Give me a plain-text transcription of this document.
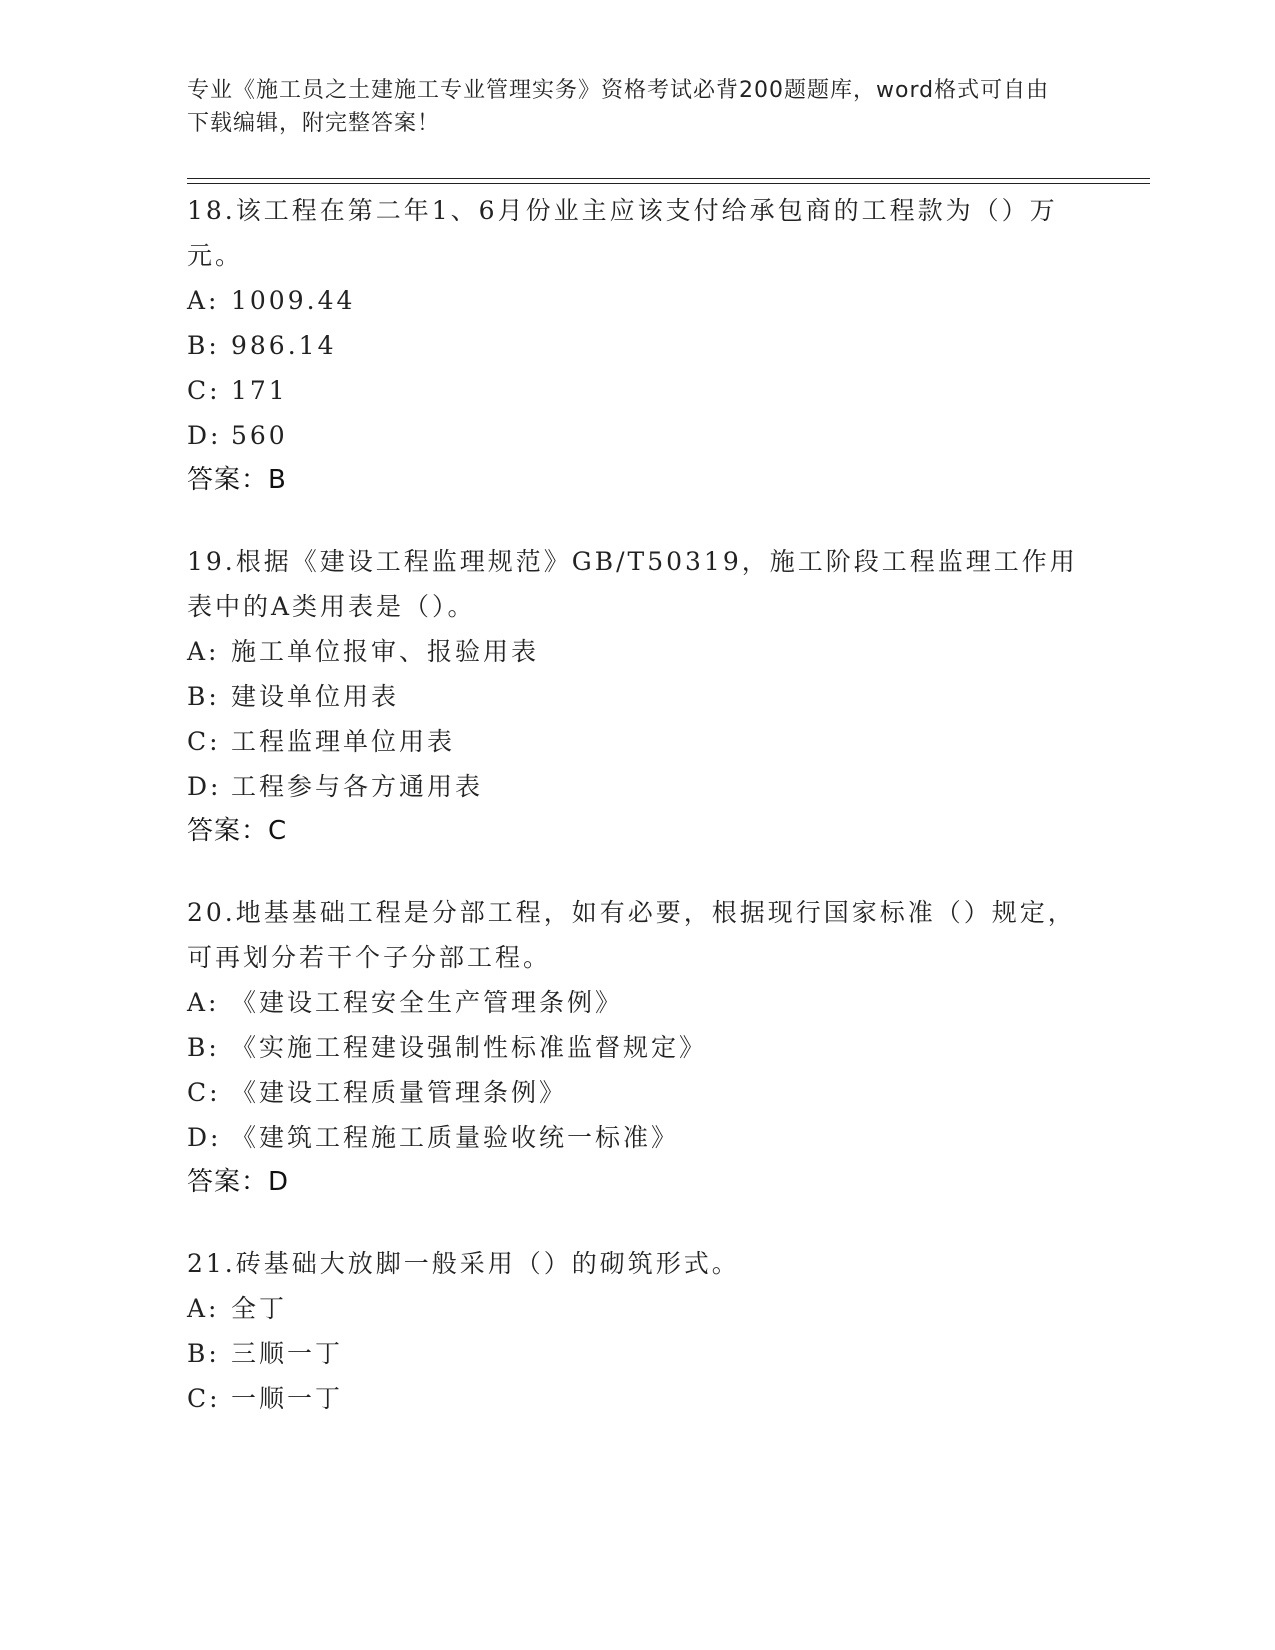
专业《施工员之土建施工专业管理实务》资格考试必背200题题库，word格式可自由下载编辑，附完整答案！

18.该工程在第二年1、6月份业主应该支付给承包商的工程款为（）万元。

A: 1009.44

B: 986.14

C: 171

D: 560

答案：B

19.根据《建设工程监理规范》GB/T50319，施工阶段工程监理工作用表中的A类用表是（）。

A: 施工单位报审、报验用表

B: 建设单位用表

C: 工程监理单位用表

D: 工程参与各方通用表

答案：C

20.地基基础工程是分部工程，如有必要，根据现行国家标准（）规定，可再划分若干个子分部工程。

A: 《建设工程安全生产管理条例》

B: 《实施工程建设强制性标准监督规定》

C: 《建设工程质量管理条例》

D: 《建筑工程施工质量验收统一标准》

答案：D

21.砖基础大放脚一般采用（）的砌筑形式。

A: 全丁

B: 三顺一丁

C: 一顺一丁
